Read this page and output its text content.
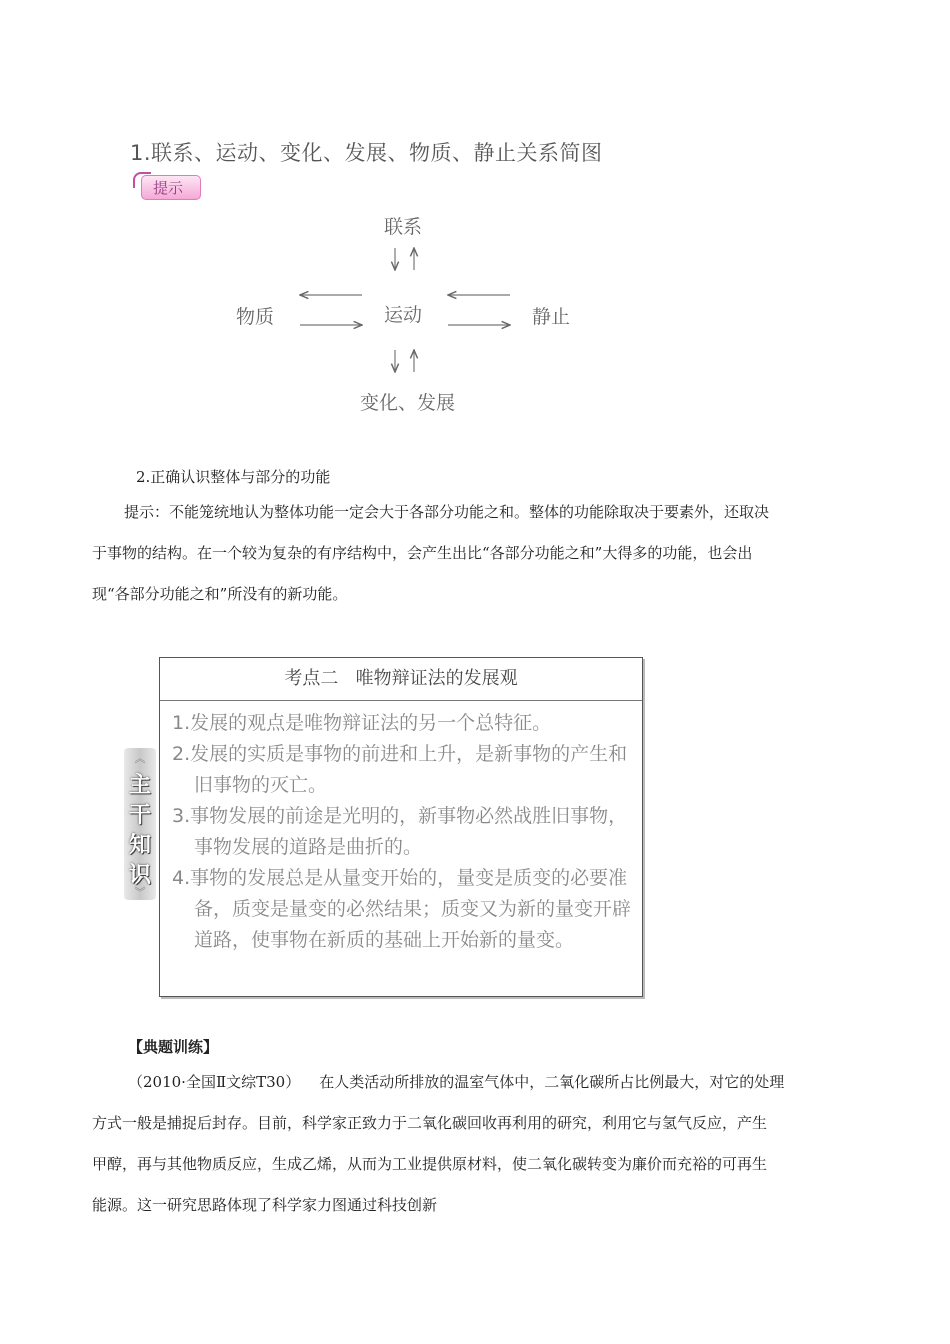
1.联系、运动、变化、发展、物质、静止关系简图
提示
联系
运动
物质	静止
变化、发展
2.正确认识整体与部分的功能
提示：不能笼统地认为整体功能一定会大于各部分功能之和。整体的功能除取决于要素外，还取决
于事物的结构。在一个较为复杂的有序结构中，会产生出比“各部分功能之和”大得多的功能，也会出
现“各部分功能之和”所没有的新功能。
︽
主
干
知
识
︾
考点二   唯物辩证法的发展观

1.发展的观点是唯物辩证法的另一个总特征。

2.发展的实质是事物的前进和上升，是新事物的产生和旧事物的灭亡。

3.事物发展的前途是光明的，新事物必然战胜旧事物，事物发展的道路是曲折的。

4.事物的发展总是从量变开始的，量变是质变的必要准备，质变是量变的必然结果；质变又为新的量变开辟道路，使事物在新质的基础上开始新的量变。

【典题训练】
（2010·全国Ⅱ文综T30）    在人类活动所排放的温室气体中，二氧化碳所占比例最大，对它的处理
方式一般是捕捉后封存。目前，科学家正致力于二氧化碳回收再利用的研究，利用它与氢气反应，产生
甲醇，再与其他物质反应，生成乙烯，从而为工业提供原材料，使二氧化碳转变为廉价而充裕的可再生
能源。这一研究思路体现了科学家力图通过科技创新
